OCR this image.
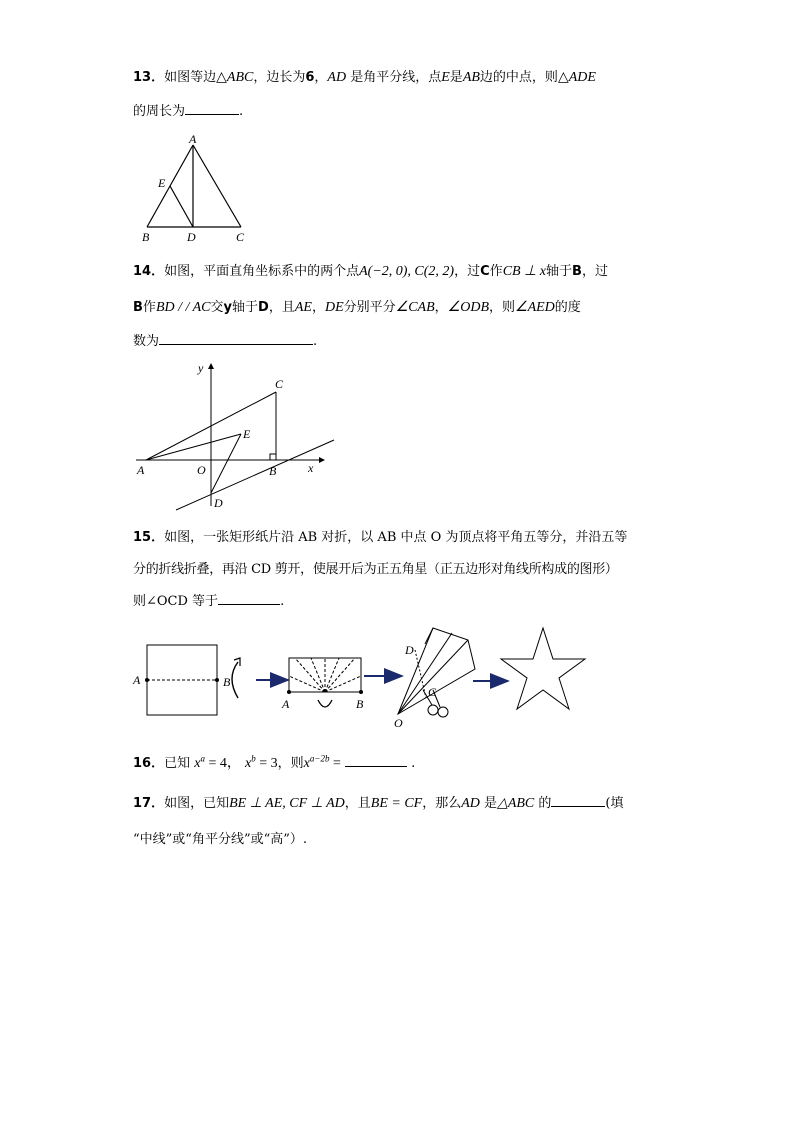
13．如图等边△ABC，边长为6，AD 是角平分线，点E是AB边的中点，则△ADE
的周长为	.
A
E
B	D	C
14．如图，平面直角坐标系中的两个点A(−2, 0), C(2, 2)，过C作CB ⊥ x轴于B，过
B作BD / / AC交y轴于D，且AE，DE分别平分∠CAB，∠ODB，则∠AED的度
数为	.
y
C
E
A	O	B	x
D
15．如图，一张矩形纸片沿 AB 对折，以 AB 中点 O 为顶点将平角五等分，并沿五等
分的折线折叠，再沿 CD 剪开，使展开后为正五角星（正五边形对角线所构成的图形）
则∠OCD 等于	.
A	B
A	B
D
C
O
16．已知 $x^a = 4$， $x^b = 3$，则$x^{a-2b}$ =	.
17．如图，已知BE ⊥ AE, CF ⊥ AD，且BE = CF，那么AD 是△ABC 的	(填
“中线”或“角平分线”或“高”）.
